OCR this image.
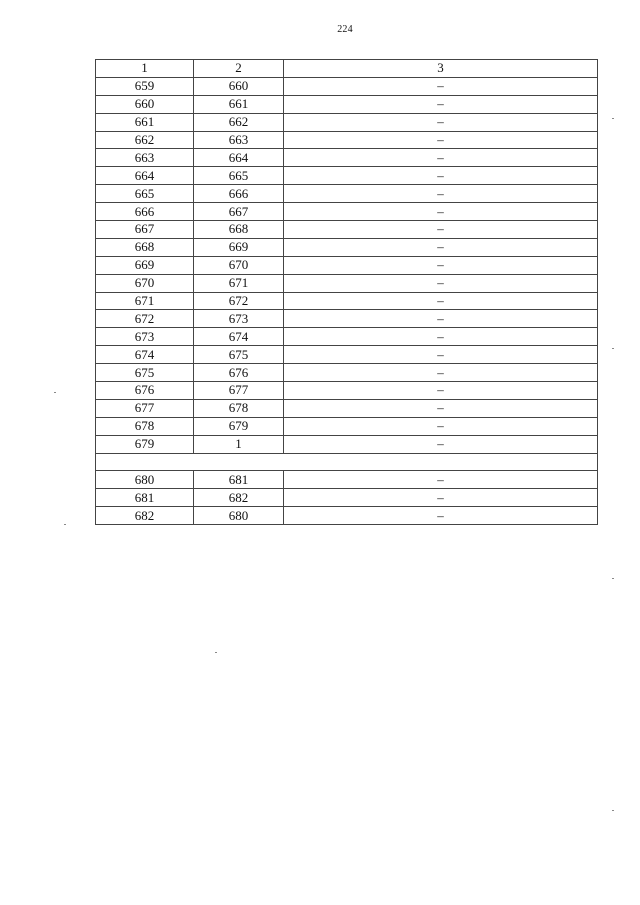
224
1	2	3
659	660	–
660	661	–
661	662	–
662	663	–
663	664	–
664	665	–
665	666	–
666	667	–
667	668	–
668	669	–
669	670	–
670	671	–
671	672	–
672	673	–
673	674	–
674	675	–
675	676	–
676	677	–
677	678	–
678	679	–
679	1	–

680	681	–
681	682	–
682	680	–
